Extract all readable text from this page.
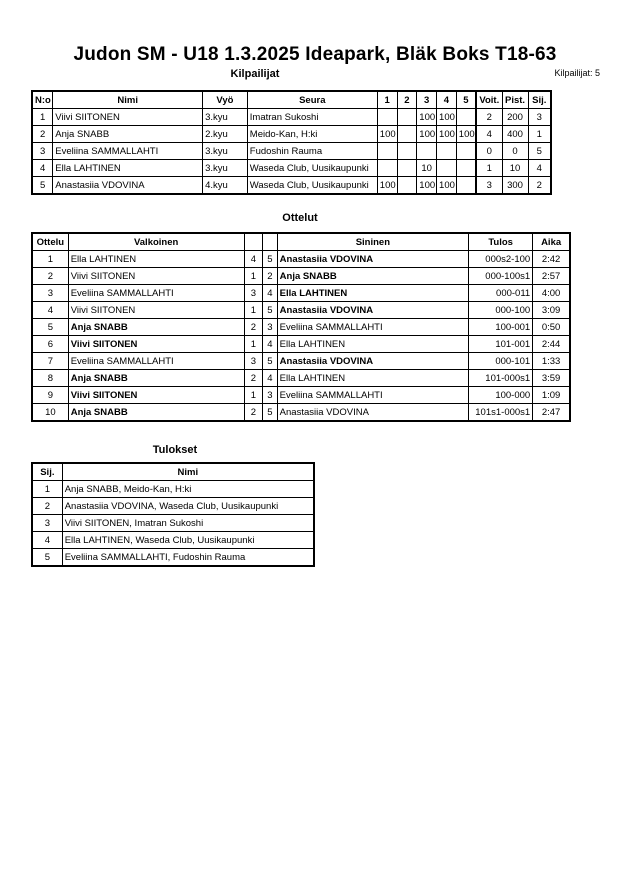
Judon SM - U18 1.3.2025 Ideapark, Bläk Boks T18-63
Kilpailijat	Kilpailijat: 5
N:o	Nimi	Vyö	Seura	1	2	3	4	5	Voit.	Pist.	Sij.
1	Viivi SIITONEN	3.kyu	Imatran Sukoshi			100	100		2	200	3
2	Anja SNABB	2.kyu	Meido-Kan, H:ki	100		100	100	100	4	400	1
3	Eveliina SAMMALLAHTI	3.kyu	Fudoshin Rauma						0	0	5
4	Ella LAHTINEN	3.kyu	Waseda Club, Uusikaupunki			10			1	10	4
5	Anastasiia VDOVINA	4.kyu	Waseda Club, Uusikaupunki	100		100	100		3	300	2
Ottelut
Ottelu	Valkoinen			Sininen	Tulos	Aika
1	Ella LAHTINEN	4	5	Anastasiia VDOVINA	000s2-100	2:42
2	Viivi SIITONEN	1	2	Anja SNABB	000-100s1	2:57
3	Eveliina SAMMALLAHTI	3	4	Ella LAHTINEN	000-011	4:00
4	Viivi SIITONEN	1	5	Anastasiia VDOVINA	000-100	3:09
5	Anja SNABB	2	3	Eveliina SAMMALLAHTI	100-001	0:50
6	Viivi SIITONEN	1	4	Ella LAHTINEN	101-001	2:44
7	Eveliina SAMMALLAHTI	3	5	Anastasiia VDOVINA	000-101	1:33
8	Anja SNABB	2	4	Ella LAHTINEN	101-000s1	3:59
9	Viivi SIITONEN	1	3	Eveliina SAMMALLAHTI	100-000	1:09
10	Anja SNABB	2	5	Anastasiia VDOVINA	101s1-000s1	2:47
Tulokset
Sij.	Nimi
1	Anja SNABB, Meido-Kan, H:ki
2	Anastasiia VDOVINA, Waseda Club, Uusikaupunki
3	Viivi SIITONEN, Imatran Sukoshi
4	Ella LAHTINEN, Waseda Club, Uusikaupunki
5	Eveliina SAMMALLAHTI, Fudoshin Rauma
